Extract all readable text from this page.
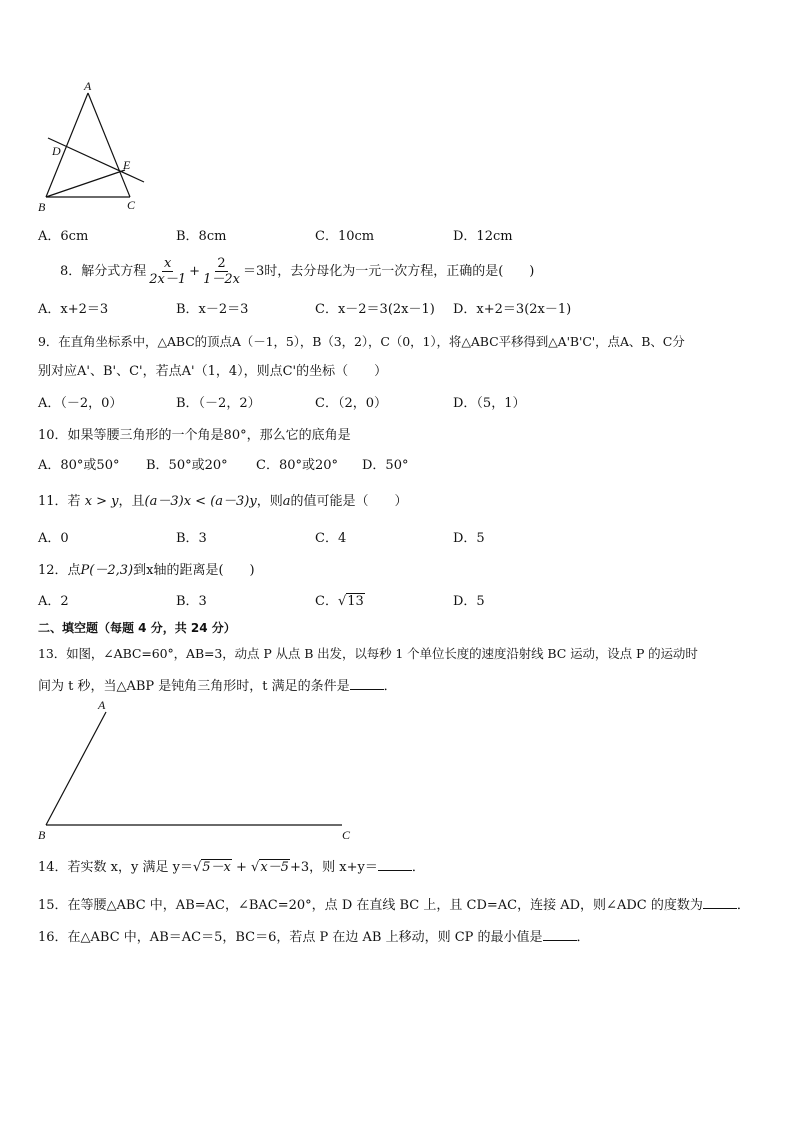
A
D
E
B	C
A．6cm	B．8cm	C．10cm	D．12cm
8．解分式方程 $\frac{x}{2x-1} + \frac{2}{1-2x} =3$时，去分母化为一元一次方程，正确的是(　　)
A．x+2＝3	B．x－2＝3	C．x－2＝3(2x－1) D．x+2＝3(2x－1)
9．在直角坐标系中，△ABC的顶点A（－1，5），B（3，2），C（0，1），将△ABC平移得到△A'B'C'，点A、B、C分
别对应A'、B'、C'，若点A'（1，4），则点C'的坐标（　　）
A．（－2，0）	B．（－2，2）	C．（2，0）	D．（5，1）
10．如果等腰三角形的一个角是80°，那么它的底角是
A．80°或50° B．50°或20° C．80°或20° D．50°
11．若 x > y，且(a－3)x < (a－3)y，则a的值可能是（　　）
A．0	B．3	C．4	D．5
12．点P(－2,3)到x轴的距离是(　　)
A．2	B．3	C．√13	D．5
二、填空题（每题 4 分，共 24 分）
13．如图，∠ABC=60°，AB=3，动点 P 从点 B 出发，以每秒 1 个单位长度的速度沿射线 BC 运动，设点 P 的运动时
间为 t 秒，当△ABP 是钝角三角形时，t 满足的条件是	．
A
B	C
14．若实数 x，y 满足 y＝√5－x + √x－5+3，则 x+y＝	．
15．在等腰△ABC 中，AB=AC，∠BAC=20°，点 D 在直线 BC 上，且 CD=AC，连接 AD，则∠ADC 的度数为	．
16．在△ABC 中，AB＝AC＝5，BC＝6，若点 P 在边 AB 上移动，则 CP 的最小值是	．
